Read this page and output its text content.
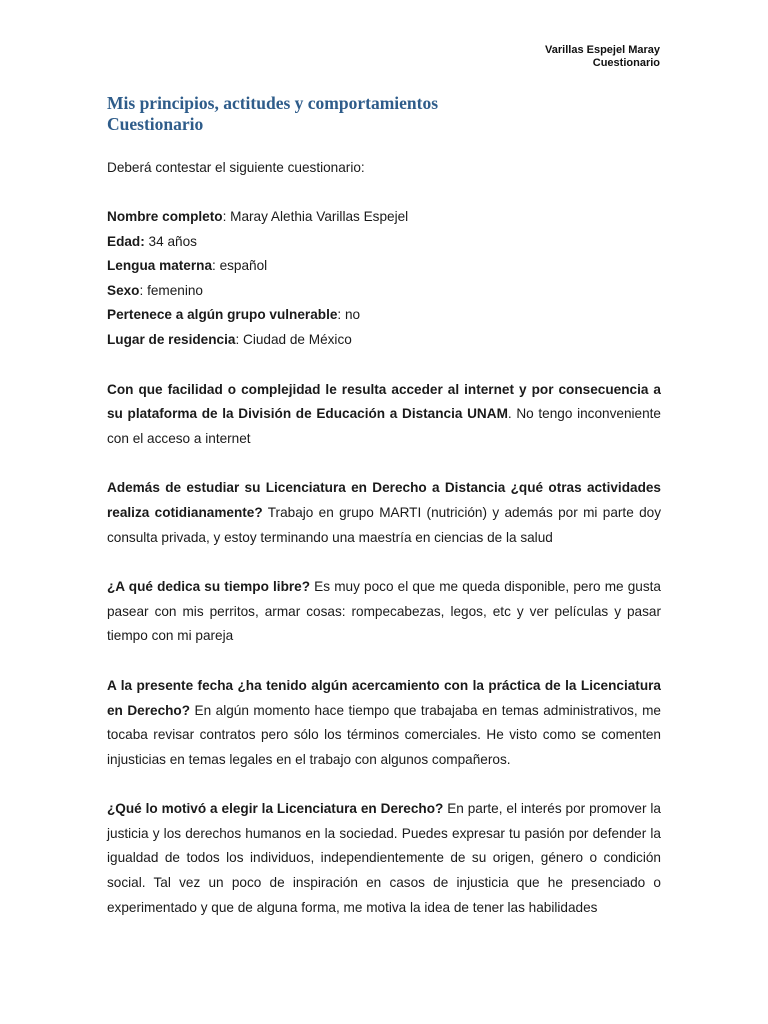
Varillas Espejel Maray
Cuestionario
Mis principios, actitudes y comportamientos
Cuestionario
Deberá contestar el siguiente cuestionario:
Nombre completo: Maray Alethia Varillas Espejel
Edad: 34 años
Lengua materna: español
Sexo: femenino
Pertenece a algún grupo vulnerable: no
Lugar de residencia: Ciudad de México

Con que facilidad o complejidad le resulta acceder al internet y por consecuencia a su plataforma de la División de Educación a Distancia UNAM. No tengo inconveniente con el acceso a internet

Además de estudiar su Licenciatura en Derecho a Distancia ¿qué otras actividades realiza cotidianamente? Trabajo en grupo MARTI (nutrición) y además por mi parte doy consulta privada, y estoy terminando una maestría en ciencias de la salud

¿A qué dedica su tiempo libre? Es muy poco el que me queda disponible, pero me gusta pasear con mis perritos, armar cosas: rompecabezas, legos, etc y ver películas y pasar tiempo con mi pareja

A la presente fecha ¿ha tenido algún acercamiento con la práctica de la Licenciatura en Derecho? En algún momento hace tiempo que trabajaba en temas administrativos, me tocaba revisar contratos pero sólo los términos comerciales. He visto como se comenten injusticias en temas legales en el trabajo con algunos compañeros.

¿Qué lo motivó a elegir la Licenciatura en Derecho? En parte, el interés por promover la justicia y los derechos humanos en la sociedad. Puedes expresar tu pasión por defender la igualdad de todos los individuos, independientemente de su origen, género o condición social. Tal vez un poco de inspiración en casos de injusticia que he presenciado o experimentado y que de alguna forma, me motiva la idea de tener las habilidades
